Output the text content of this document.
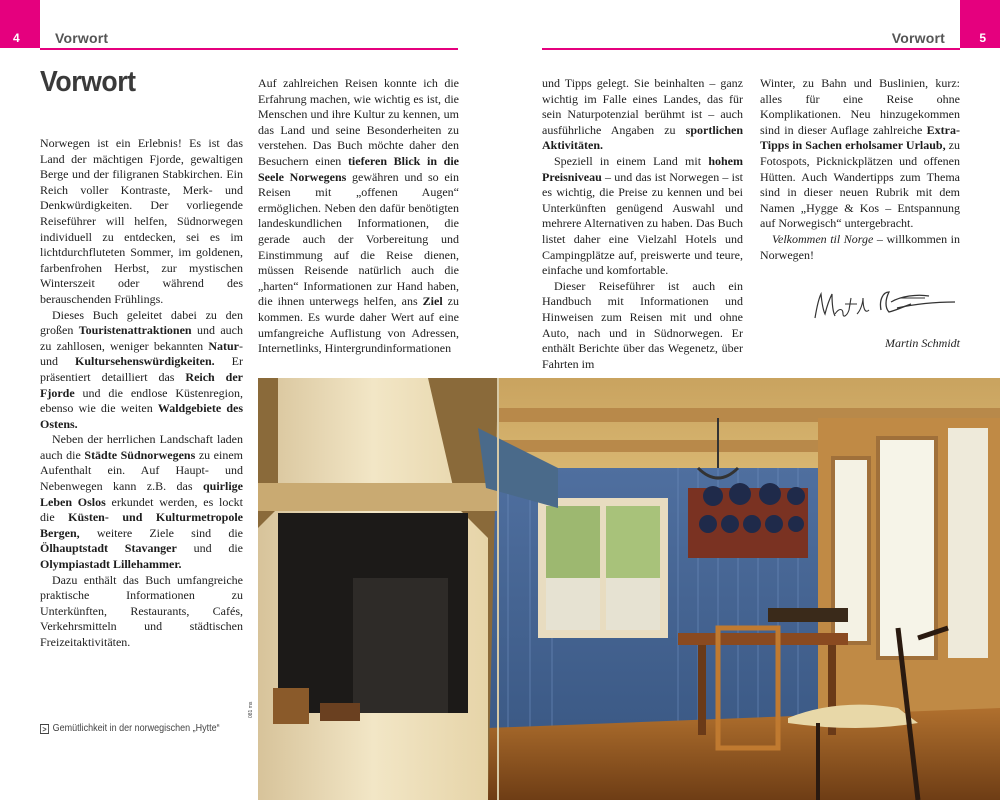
4	5
Vorwort	Vorwort
Vorwort

Norwegen ist ein Erlebnis! Es ist das Land der mächtigen Fjorde, gewaltigen Berge und der filigranen Stabkirchen. Ein Reich voller Kontraste, Merk- und Denkwürdigkeiten. Der vorliegende Reiseführer will helfen, Südnorwegen individuell zu entdecken, sei es im lichtdurchfluteten Sommer, im goldenen, farbenfrohen Herbst, zur mystischen Winterszeit oder während des berauschenden Frühlings.

Dieses Buch geleitet dabei zu den großen Touristenattraktionen und auch zu zahllosen, weniger bekannten Natur- und Kultursehenswürdigkeiten. Er präsentiert detailliert das Reich der Fjorde und die endlose Küstenregion, ebenso wie die weiten Waldgebiete des Ostens.

Neben der herrlichen Landschaft laden auch die Städte Südnorwegens zu einem Aufenthalt ein. Auf Haupt- und Nebenwegen kann z.B. das quirlige Leben Oslos erkundet werden, es lockt die Küsten- und Kulturmetropole Bergen, weitere Ziele sind die Ölhauptstadt Stavanger und die Olympiastadt Lillehammer.

Dazu enthält das Buch umfangreiche praktische Informationen zu Unterkünften, Restaurants, Cafés, Verkehrsmitteln und städtischen Freizeitaktivitäten.

Auf zahlreichen Reisen konnte ich die Erfahrung machen, wie wichtig es ist, die Menschen und ihre Kultur zu kennen, um das Land und seine Besonderheiten zu verstehen. Das Buch möchte daher den Besuchern einen tieferen Blick in die Seele Norwegens gewähren und so ein Reisen mit „offenen Augen“ ermöglichen. Neben den dafür benötigten landeskundlichen Informationen, die gerade auch der Vorbereitung und Einstimmung auf die Reise dienen, müssen Reisende natürlich auch die „harten“ Informationen zur Hand haben, die ihnen unterwegs helfen, ans Ziel zu kommen. Es wurde daher Wert auf eine umfangreiche Auflistung von Adressen, Internetlinks, Hintergrundinformationen

und Tipps gelegt. Sie beinhalten – ganz wichtig im Falle eines Landes, das für sein Naturpotenzial berühmt ist – auch ausführliche Angaben zu sportlichen Aktivitäten.

Speziell in einem Land mit hohem Preisniveau – und das ist Norwegen – ist es wichtig, die Preise zu kennen und bei Unterkünften genügend Auswahl und mehrere Alternativen zu haben. Das Buch listet daher eine Vielzahl Hotels und Campingplätze auf, preiswerte und teure, einfache und komfortable.

Dieser Reiseführer ist auch ein Handbuch mit Informationen und Hinweisen zum Reisen mit und ohne Auto, nach und in Südnorwegen. Er enthält Berichte über das Wegenetz, über Fahrten im

Winter, zu Bahn und Buslinien, kurz: alles für eine Reise ohne Komplikationen. Neu hinzugekommen sind in dieser Auflage zahlreiche Extra-Tipps in Sachen erholsamer Urlaub, zu Fotospots, Picknickplätzen und offenen Hütten. Auch Wandertipps zum Thema sind in dieser neuen Rubrik mit dem Namen „Hygge & Kos – Entspannung auf Norwegisch“ untergebracht.

Velkommen til Norge – willkommen in Norwegen!

Martin Schmidt
> Gemütlichkeit in der norwegischen „Hytte“
081 ms
